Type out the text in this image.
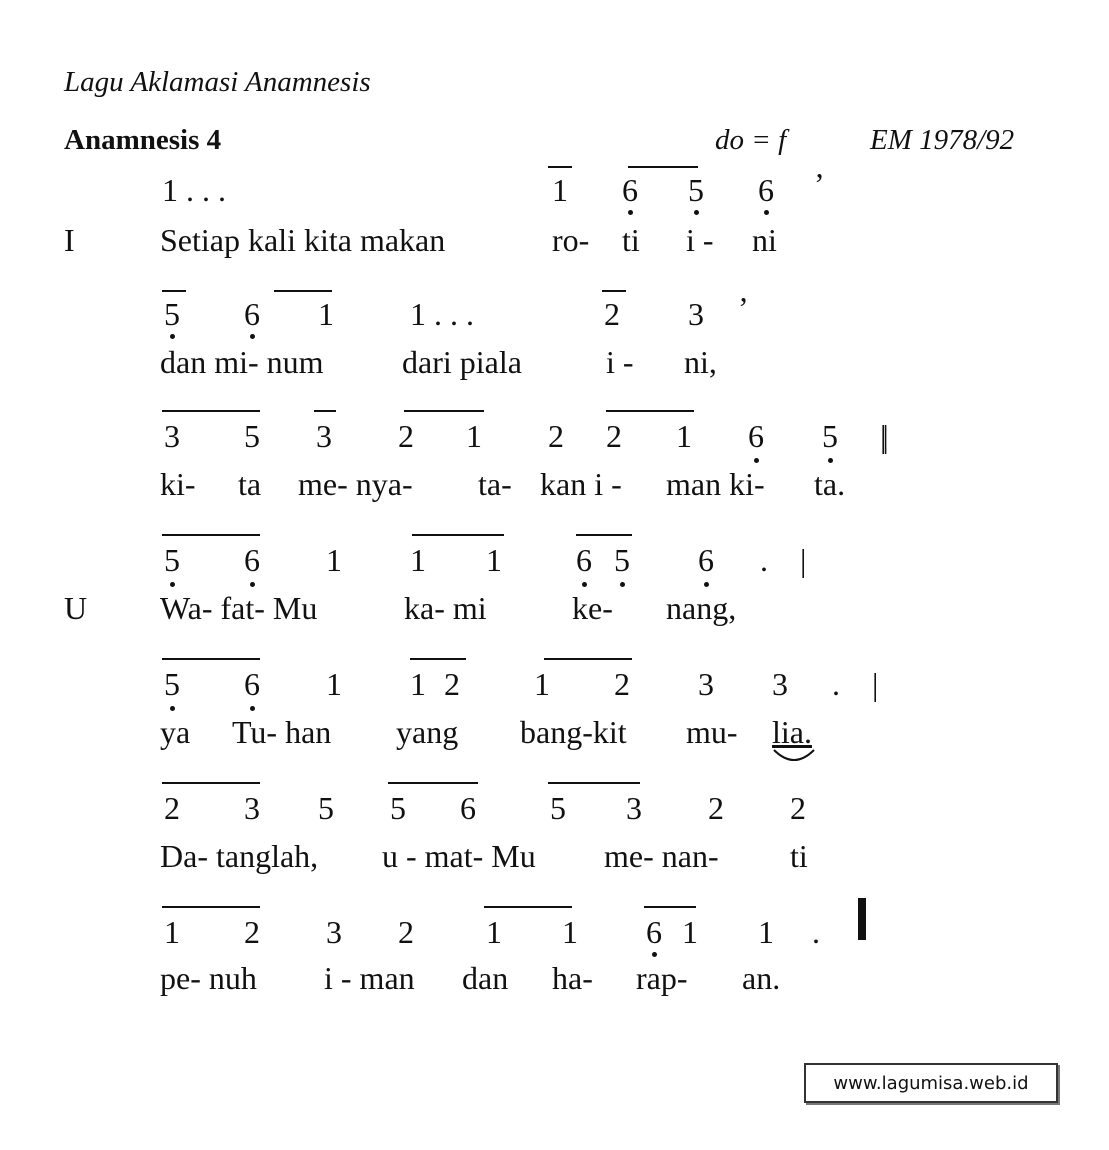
Lagu Aklamasi Anamnesis
Anamnesis 4	do = f	EM 1978/92
I
U
1 . . .	1 6 5 6 ’
Setiap kali kita makan	ro- ti i - ni
5 6 1 1 . . .	2 3 ’
dan mi- num dari piala	i - ni,
3 5 3 2 1 2 2 1 6 5 ||
ki- ta me- nya- ta- kan i - man ki- ta.
5 6 1 1 1 6 5 6 . |
Wa- fat- Mu	ka- mi	ke- nang,
5 6 1 1 2 1 2 3 3 . |
ya Tu- han yang bang-kit mu- lia.
2 3 5 5 6 5 3 2 2
Da- tanglah, u - mat- Mu me- nan- ti
1 2 3 2 1 1 6 1 1 .
pe- nuh i - man dan ha- rap- an.
www.lagumisa.web.id
